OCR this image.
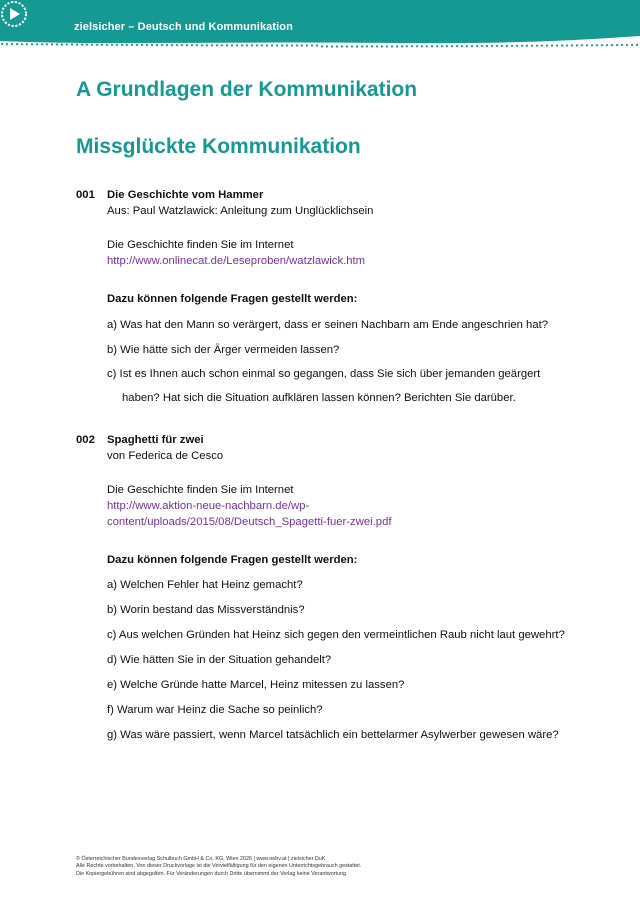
zielsicher – Deutsch und Kommunikation
A Grundlagen der Kommunikation
Missglückte Kommunikation
001 Die Geschichte vom Hammer
Aus: Paul Watzlawick: Anleitung zum Unglücklichsein
Die Geschichte finden Sie im Internet
http://www.onlinecat.de/Leseproben/watzlawick.htm
Dazu können folgende Fragen gestellt werden:
a) Was hat den Mann so verärgert, dass er seinen Nachbarn am Ende angeschrien hat?
b) Wie hätte sich der Ärger vermeiden lassen?
c) Ist es Ihnen auch schon einmal so gegangen, dass Sie sich über jemanden geärgert haben? Hat sich die Situation aufklären lassen können? Berichten Sie darüber.
002 Spaghetti für zwei
von Federica de Cesco
Die Geschichte finden Sie im Internet
http://www.aktion-neue-nachbarn.de/wp-
content/uploads/2015/08/Deutsch_Spagetti-fuer-zwei.pdf
Dazu können folgende Fragen gestellt werden:
a) Welchen Fehler hat Heinz gemacht?
b) Worin bestand das Missverständnis?
c) Aus welchen Gründen hat Heinz sich gegen den vermeintlichen Raub nicht laut gewehrt?
d) Wie hätten Sie in der Situation gehandelt?
e) Welche Gründe hatte Marcel, Heinz mitessen zu lassen?
f) Warum war Heinz die Sache so peinlich?
g) Was wäre passiert, wenn Marcel tatsächlich ein bettelarmer Asylwerber gewesen wäre?
© Österreichischer Bundesverlag Schulbuch GmbH & Co. KG, Wien 2026 | www.oebv.at | zielsicher DuK
Alle Rechte vorbehalten. Von dieser Druckvorlage ist die Vervielfältigung für den eigenen Unterrichtsgebrauch gestattet.
Die Kopiergebühren sind abgegolten. Für Veränderungen durch Dritte übernimmt der Verlag keine Verantwortung.
